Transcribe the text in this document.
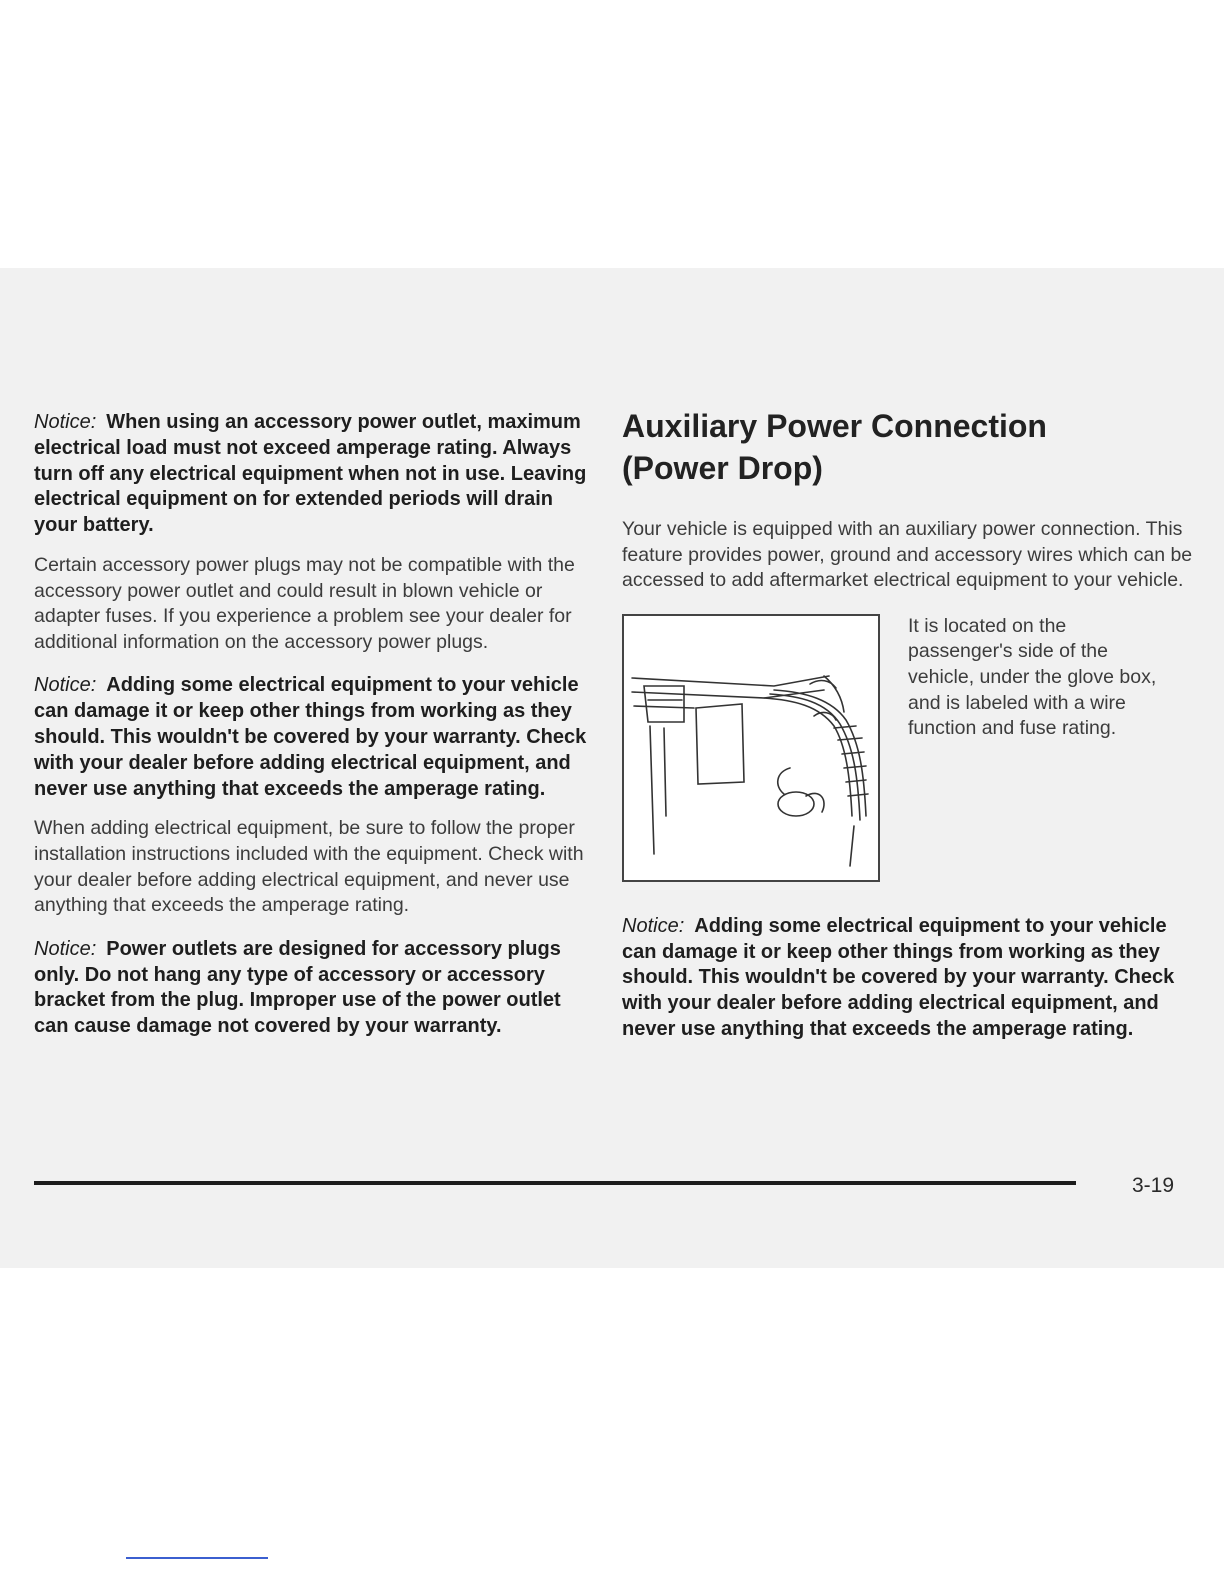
Notice: When using an accessory power outlet, maximum electrical load must not exceed amperage rating. Always turn off any electrical equipment when not in use. Leaving electrical equipment on for extended periods will drain your battery.

Certain accessory power plugs may not be compatible with the accessory power outlet and could result in blown vehicle or adapter fuses. If you experience a problem see your dealer for additional information on the accessory power plugs.

Notice: Adding some electrical equipment to your vehicle can damage it or keep other things from working as they should. This wouldn't be covered by your warranty. Check with your dealer before adding electrical equipment, and never use anything that exceeds the amperage rating.

When adding electrical equipment, be sure to follow the proper installation instructions included with the equipment. Check with your dealer before adding electrical equipment, and never use anything that exceeds the amperage rating.

Notice: Power outlets are designed for accessory plugs only. Do not hang any type of accessory or accessory bracket from the plug. Improper use of the power outlet can cause damage not covered by your warranty.

Auxiliary Power Connection (Power Drop)

Your vehicle is equipped with an auxiliary power connection. This feature provides power, ground and accessory wires which can be accessed to add aftermarket electrical equipment to your vehicle.

It is located on the passenger's side of the vehicle, under the glove box, and is labeled with a wire function and fuse rating.

Notice: Adding some electrical equipment to your vehicle can damage it or keep other things from working as they should. This wouldn't be covered by your warranty. Check with your dealer before adding electrical equipment, and never use anything that exceeds the amperage rating.

3-19
